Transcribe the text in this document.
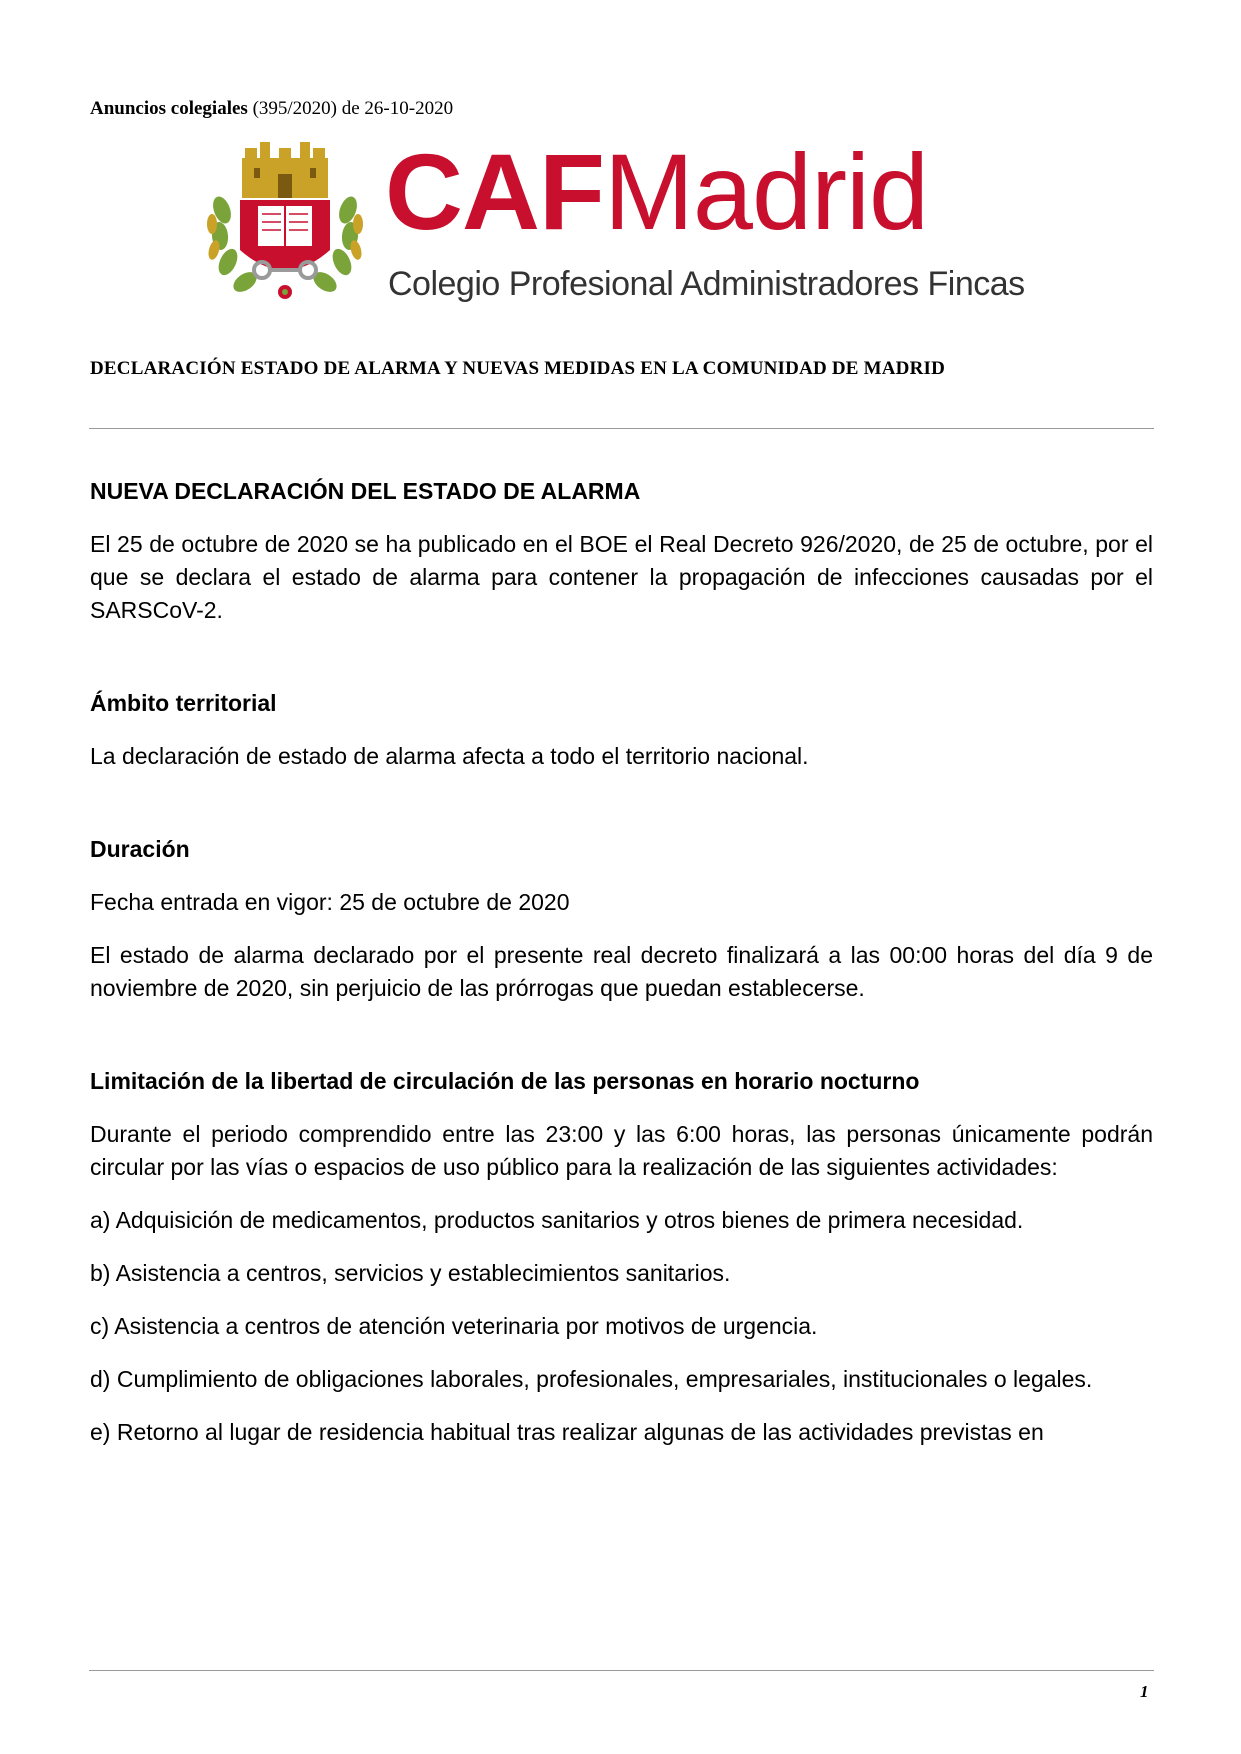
Anuncios colegiales (395/2020) de 26-10-2020
CAFMadrid
Colegio Profesional Administradores Fincas
DECLARACIÓN ESTADO DE ALARMA Y NUEVAS MEDIDAS EN LA COMUNIDAD DE MADRID
NUEVA DECLARACIÓN DEL ESTADO DE ALARMA

El 25 de octubre de 2020 se ha publicado en el BOE el Real Decreto 926/2020, de 25 de octubre, por el que se declara el estado de alarma para contener la propagación de infecciones causadas por el SARSCoV-2.

Ámbito territorial

La declaración de estado de alarma afecta a todo el territorio nacional.

Duración

Fecha entrada en vigor: 25 de octubre de 2020

El estado de alarma declarado por el presente real decreto finalizará a las 00:00 horas del día 9 de noviembre de 2020, sin perjuicio de las prórrogas que puedan establecerse.

Limitación de la libertad de circulación de las personas en horario nocturno

Durante el periodo comprendido entre las 23:00 y las 6:00 horas, las personas únicamente podrán circular por las vías o espacios de uso público para la realización de las siguientes actividades:

a) Adquisición de medicamentos, productos sanitarios y otros bienes de primera necesidad.

b) Asistencia a centros, servicios y establecimientos sanitarios.

c) Asistencia a centros de atención veterinaria por motivos de urgencia.

d) Cumplimiento de obligaciones laborales, profesionales, empresariales, institucionales o legales.

e) Retorno al lugar de residencia habitual tras realizar algunas de las actividades previstas en

1
